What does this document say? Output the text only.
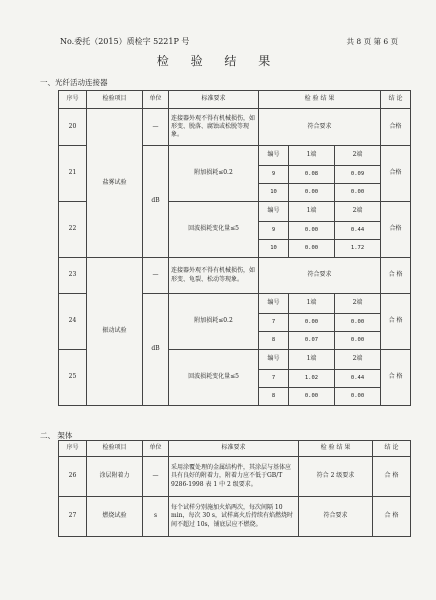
No.委托（2015）质检字 5221P 号	共 8 页 第 6 页
检 验 结 果
一、光纤活动连接器
序号	检验项目	单位	标准要求	检 验 结 果			结 论
20	盐雾试验	—	连接器外观不得有机械损伤，如形变、脱落、腐蚀或松脱等现象。	符合要求			合格
21		dB	附加损耗≤0.2	编号	1端	2端	合格
				9	0.08	0.09	
				10	0.00	0.00	
22			回波损耗变化量≤5	编号	1端	2端	合格
				9	0.00	0.44	
				10	0.00	1.72	
23	振动试验	—	连接器外观不得有机械损伤，如形变、龟裂、松动等现象。	符合要求			合 格
24		dB	附加损耗≤0.2	编号	1端	2端	合 格
				7	0.00	0.00	
				8	0.07	0.00	
25			回波损耗变化量≤5	编号	1端	2端	合 格
				7	1.02	0.44	
				8	0.00	0.00	
二、 架体
序号	检验项目	单位	标准要求	检 验 结 果	结 论
26	涂层附着力	—	采用涂覆处理的金属结构件，其涂层与基体应具有良好的附着力，附着力应不低于GB/T 9286-1998 表 1 中 2 级要求。	符合 2 级要求	合 格
27	燃烧试验	s	每个试样分别施加火焰两次，每次间隔 10 min，每次 30 s，试样离火后持续有焰燃烧时间不超过 10s，铺底层应不燃烧。	符合要求	合 格
